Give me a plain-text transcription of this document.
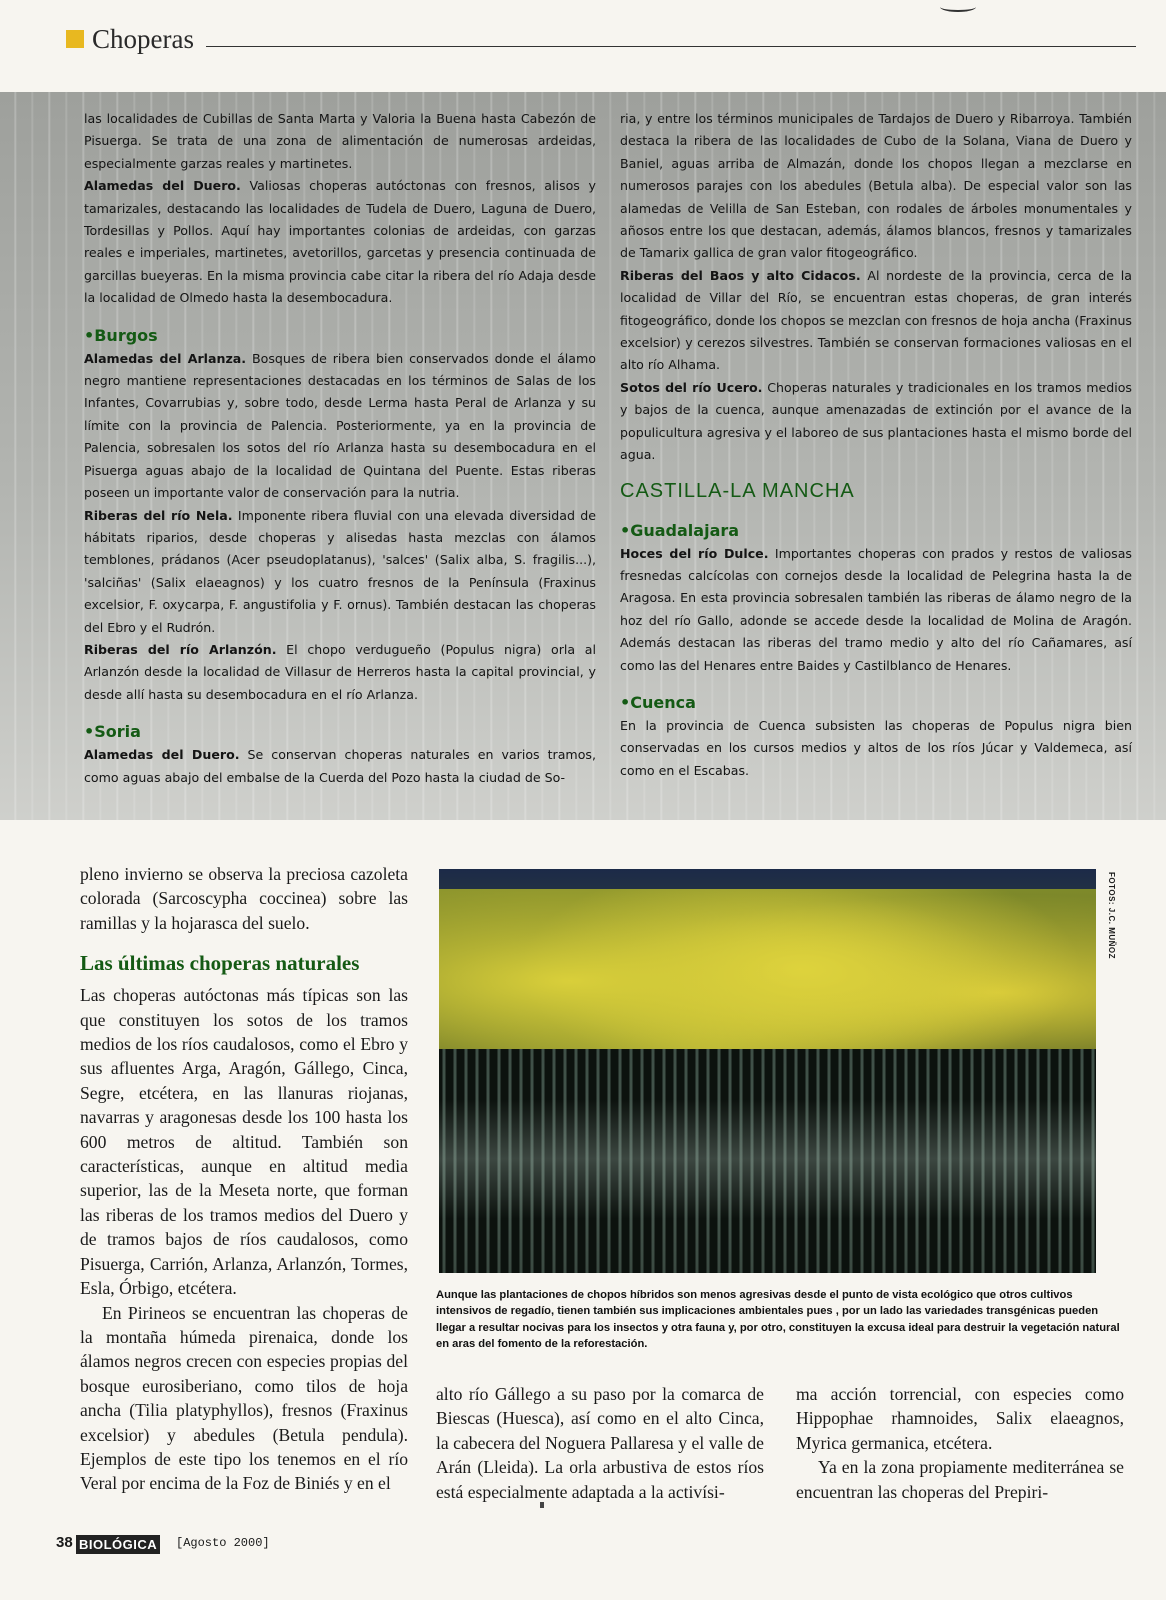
Choperas

las localidades de Cubillas de Santa Marta y Valoria la Buena hasta Cabezón de Pisuerga. Se trata de una zona de alimentación de numerosas ardeidas, especialmente garzas reales y martinetes.

Alamedas del Duero. Valiosas choperas autóctonas con fresnos, alisos y tamarizales, destacando las localidades de Tudela de Duero, Laguna de Duero, Tordesillas y Pollos. Aquí hay importantes colonias de ardeidas, con garzas reales e imperiales, martinetes, avetorillos, garcetas y presencia continuada de garcillas bueyeras. En la misma provincia cabe citar la ribera del río Adaja desde la localidad de Olmedo hasta la desembocadura.

•Burgos

Alamedas del Arlanza. Bosques de ribera bien conservados donde el álamo negro mantiene representaciones destacadas en los términos de Salas de los Infantes, Covarrubias y, sobre todo, desde Lerma hasta Peral de Arlanza y su límite con la provincia de Palencia. Posteriormente, ya en la provincia de Palencia, sobresalen los sotos del río Arlanza hasta su desembocadura en el Pisuerga aguas abajo de la localidad de Quintana del Puente. Estas riberas poseen un importante valor de conservación para la nutria.

Riberas del río Nela. Imponente ribera fluvial con una elevada diversidad de hábitats riparios, desde choperas y alisedas hasta mezclas con álamos temblones, prádanos (Acer pseudoplatanus), 'salces' (Salix alba, S. fragilis...), 'salciñas' (Salix elaeagnos) y los cuatro fresnos de la Península (Fraxinus excelsior, F. oxycarpa, F. angustifolia y F. ornus). También destacan las choperas del Ebro y el Rudrón.

Riberas del río Arlanzón. El chopo verdugueño (Populus nigra) orla al Arlanzón desde la localidad de Villasur de Herreros hasta la capital provincial, y desde allí hasta su desembocadura en el río Arlanza.

•Soria

Alamedas del Duero. Se conservan choperas naturales en varios tramos, como aguas abajo del embalse de la Cuerda del Pozo hasta la ciudad de So-

ria, y entre los términos municipales de Tardajos de Duero y Ribarroya. También destaca la ribera de las localidades de Cubo de la Solana, Viana de Duero y Baniel, aguas arriba de Almazán, donde los chopos llegan a mezclarse en numerosos parajes con los abedules (Betula alba). De especial valor son las alamedas de Velilla de San Esteban, con rodales de árboles monumentales y añosos entre los que destacan, además, álamos blancos, fresnos y tamarizales de Tamarix gallica de gran valor fitogeográfico.

Riberas del Baos y alto Cidacos. Al nordeste de la provincia, cerca de la localidad de Villar del Río, se encuentran estas choperas, de gran interés fitogeográfico, donde los chopos se mezclan con fresnos de hoja ancha (Fraxinus excelsior) y cerezos silvestres. También se conservan formaciones valiosas en el alto río Alhama.

Sotos del río Ucero. Choperas naturales y tradicionales en los tramos medios y bajos de la cuenca, aunque amenazadas de extinción por el avance de la populicultura agresiva y el laboreo de sus plantaciones hasta el mismo borde del agua.

CASTILLA-LA MANCHA
•Guadalajara

Hoces del río Dulce. Importantes choperas con prados y restos de valiosas fresnedas calcícolas con cornejos desde la localidad de Pelegrina hasta la de Aragosa. En esta provincia sobresalen también las riberas de álamo negro de la hoz del río Gallo, adonde se accede desde la localidad de Molina de Aragón. Además destacan las riberas del tramo medio y alto del río Cañamares, así como las del Henares entre Baides y Castilblanco de Henares.

•Cuenca

En la provincia de Cuenca subsisten las choperas de Populus nigra bien conservadas en los cursos medios y altos de los ríos Júcar y Valdemeca, así como en el Escabas.

pleno invierno se observa la preciosa cazoleta colorada (Sarcoscypha coccinea) sobre las ramillas y la hojarasca del suelo.

Las últimas choperas naturales

Las choperas autóctonas más típicas son las que constituyen los sotos de los tramos medios de los ríos caudalosos, como el Ebro y sus afluentes Arga, Aragón, Gállego, Cinca, Segre, etcétera, en las llanuras riojanas, navarras y aragonesas desde los 100 hasta los 600 metros de altitud. También son características, aunque en altitud media superior, las de la Meseta norte, que forman las riberas de los tramos medios del Duero y de tramos bajos de ríos caudalosos, como Pisuerga, Carrión, Arlanza, Arlanzón, Tormes, Esla, Órbigo, etcétera.

En Pirineos se encuentran las choperas de la montaña húmeda pirenaica, donde los álamos negros crecen con especies propias del bosque eurosiberiano, como tilos de hoja ancha (Tilia platyphyllos), fresnos (Fraxinus excelsior) y abedules (Betula pendula). Ejemplos de este tipo los tenemos en el río Veral por encima de la Foz de Biniés y en el

FOTOS: J.C. MUÑOZ
Aunque las plantaciones de chopos híbridos son menos agresivas desde el punto de vista ecológico que otros cultivos intensivos de regadío, tienen también sus implicaciones ambientales pues , por un lado las variedades transgénicas pueden llegar a resultar nocivas para los insectos y otra fauna y, por otro, constituyen la excusa ideal para destruir la vegetación natural en aras del fomento de la reforestación.

alto río Gállego a su paso por la comarca de Biescas (Huesca), así como en el alto Cinca, la cabecera del Noguera Pallaresa y el valle de Arán (Lleida). La orla arbustiva de estos ríos está especialmente adaptada a la activísi-

ma acción torrencial, con especies como Hippophae rhamnoides, Salix elaeagnos, Myrica germanica, etcétera.

Ya en la zona propiamente mediterránea se encuentran las choperas del Prepiri-

38 BIOLÓGICA [Agosto 2000]
